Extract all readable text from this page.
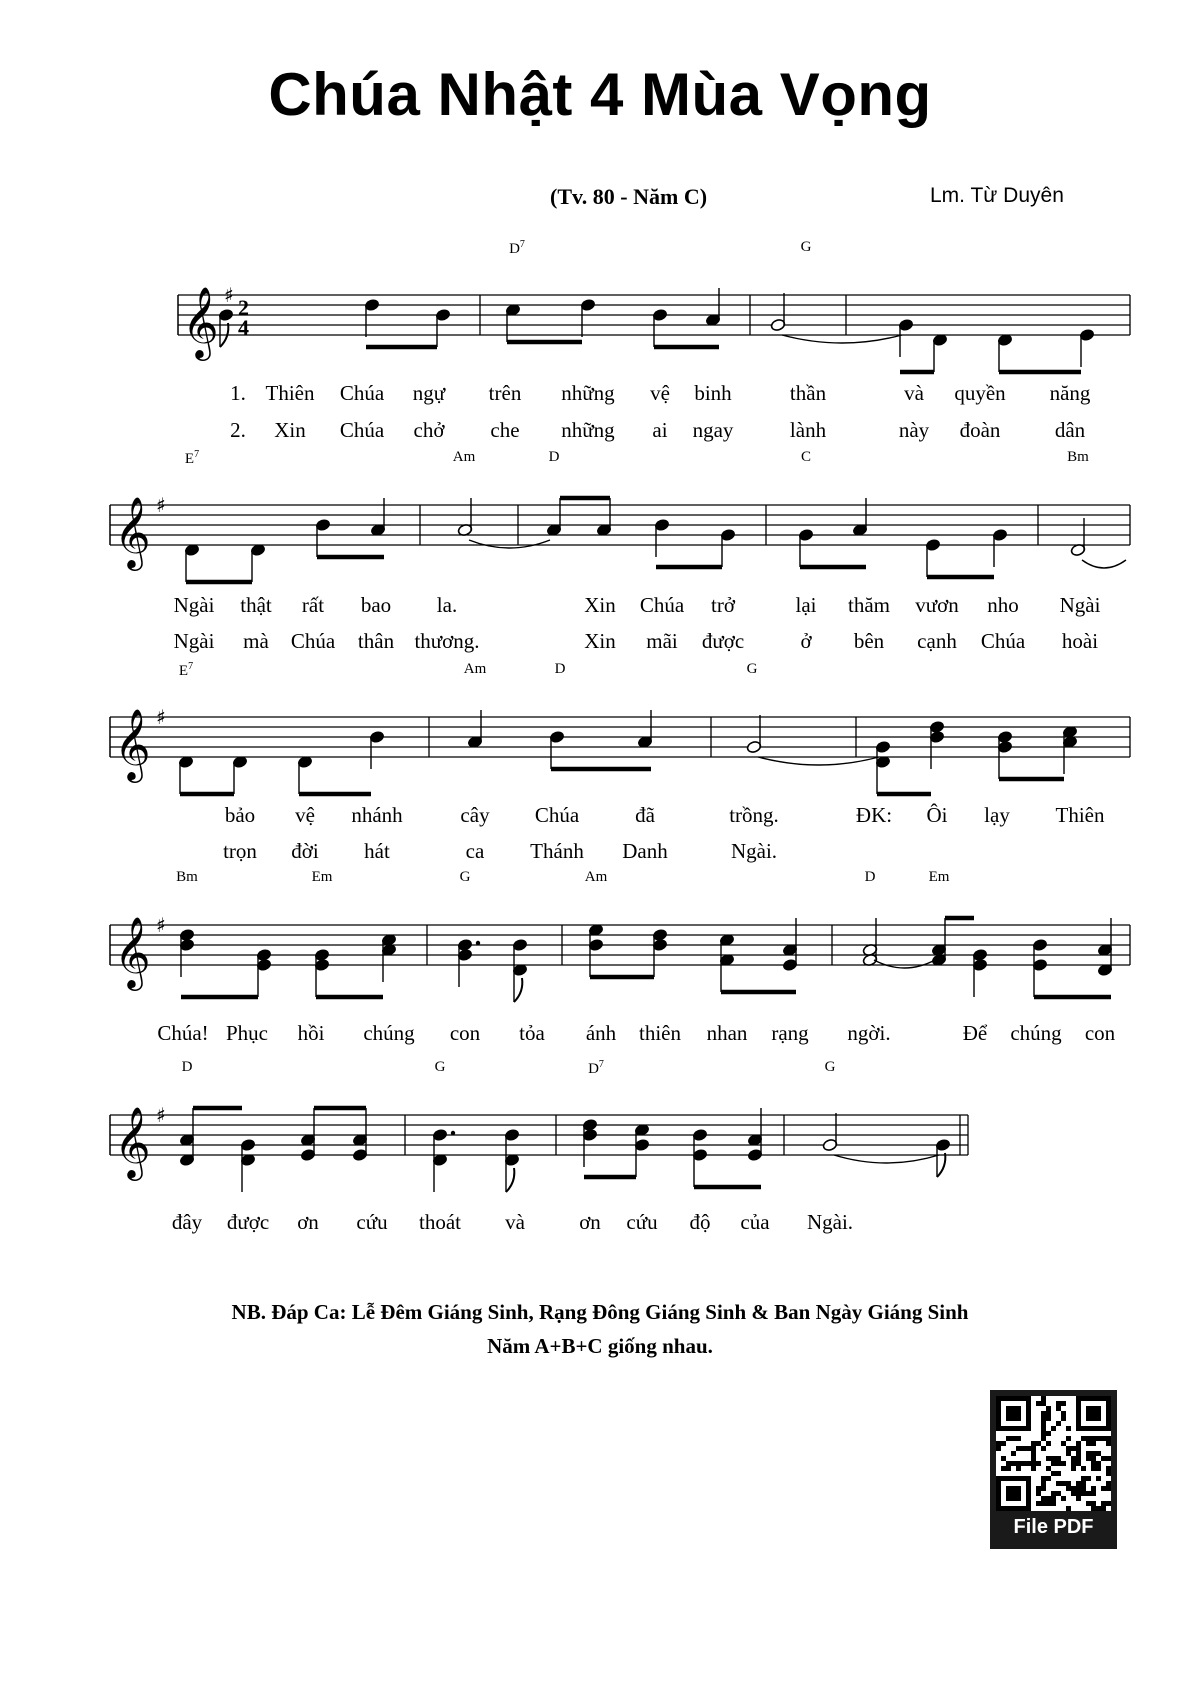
Chúa Nhật 4 Mùa Vọng
(Tv. 80 - Năm C)	Lm. Từ Duyên
𝄞 ♯ 2
4
$D^7$	G
1. Thiên Chúa ngự trên những vệ binh	thần	và quyền năng
2. Xin Chúa chở che những ai ngay	lành	này đoàn	dân
𝄞 ♯
$E^7$	Am	D	C	Bm
Ngài thật rất bao la.	Xin Chúa trở	lại thăm vươn nho Ngài
Ngài mà Chúa thân thương.	Xin mãi được	ở bên cạnh Chúa hoài
𝄞 ♯
$E^7$	Am	D	G
bảo vệ nhánh	cây Chúa	đã	trồng.	ĐK: Ôi lạy Thiên
trọn đời hát	ca Thánh Danh	Ngài.
𝄞 ♯
Bm	Em	G	Am	D	Em
Chúa! Phục hồi chúng con tỏa ánh thiên nhan rạng ngời.	Để chúng con
𝄞 ♯
D	G	$D^7$	G
đây được ơn cứu thoát và	ơn cứu độ của Ngài.
NB. Đáp Ca: Lễ Đêm Giáng Sinh, Rạng Đông Giáng Sinh & Ban Ngày Giáng Sinh
Năm A+B+C giống nhau.
File PDF
